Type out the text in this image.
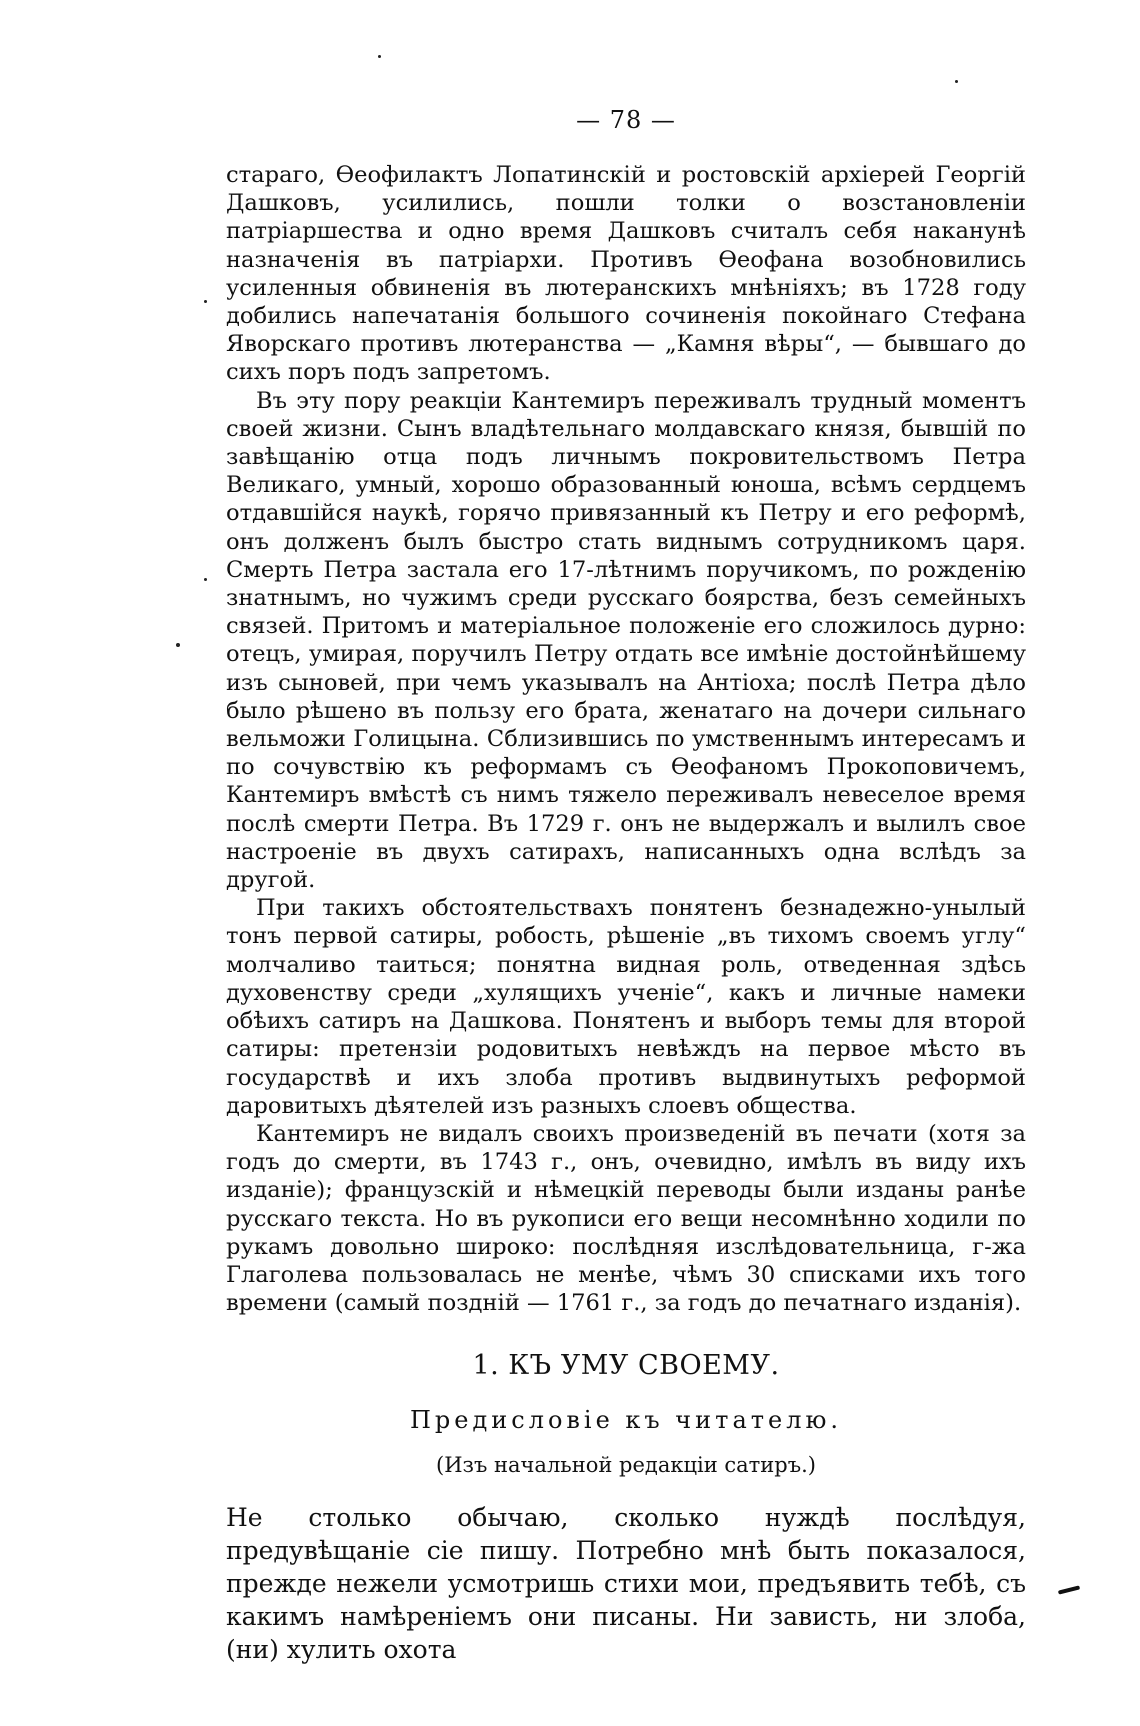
— 78 —

стараго, Өеофилактъ Лопатинскій и ростовскій архіерей Георгій Дашковъ, усилились, пошли толки о возстановленіи патріаршества и одно время Дашковъ считалъ себя наканунѣ назначенія въ патріархи. Противъ Өеофана возобновились усиленныя обвиненія въ лютеранскихъ мнѣніяхъ; въ 1728 году добились напечатанія большого сочиненія покойнаго Стефана Яворскаго противъ лютеранства — „Камня вѣры“, — бывшаго до сихъ поръ подъ запретомъ.

Въ эту пору реакціи Кантемиръ переживалъ трудный моментъ своей жизни. Сынъ владѣтельнаго молдавскаго князя, бывшій по завѣщанію отца подъ личнымъ покровительствомъ Петра Великаго, умный, хорошо образованный юноша, всѣмъ сердцемъ отдавшійся наукѣ, горячо привязанный къ Петру и его реформѣ, онъ долженъ былъ быстро стать виднымъ сотрудникомъ царя. Смерть Петра застала его 17-лѣтнимъ поручикомъ, по рожденію знатнымъ, но чужимъ среди русскаго боярства, безъ семейныхъ связей. Притомъ и матеріальное положеніе его сложилось дурно: отецъ, умирая, поручилъ Петру отдать все имѣніе достойнѣйшему изъ сыновей, при чемъ указывалъ на Антіоха; послѣ Петра дѣло было рѣшено въ пользу его брата, женатаго на дочери сильнаго вельможи Голицына. Сблизившись по умственнымъ интересамъ и по сочувствію къ реформамъ съ Өеофаномъ Прокоповичемъ, Кантемиръ вмѣстѣ съ нимъ тяжело переживалъ невеселое время послѣ смерти Петра. Въ 1729 г. онъ не выдержалъ и вылилъ свое настроеніе въ двухъ сатирахъ, написанныхъ одна вслѣдъ за другой.

При такихъ обстоятельствахъ понятенъ безнадежно-унылый тонъ первой сатиры, робость, рѣшеніе „въ тихомъ своемъ углу“ молчаливо таиться; понятна видная роль, отведенная здѣсь духовенству среди „хулящихъ ученіе“, какъ и личные намеки обѣихъ сатиръ на Дашкова. Понятенъ и выборъ темы для второй сатиры: претензіи родовитыхъ невѣждъ на первое мѣсто въ государствѣ и ихъ злоба противъ выдвинутыхъ реформой даровитыхъ дѣятелей изъ разныхъ слоевъ общества.

Кантемиръ не видалъ своихъ произведеній въ печати (хотя за годъ до смерти, въ 1743 г., онъ, очевидно, имѣлъ въ виду ихъ изданіе); французскій и нѣмецкій переводы были изданы ранѣе русскаго текста. Но въ рукописи его вещи несомнѣнно ходили по рукамъ довольно широко: послѣдняя изслѣдовательница, г-жа Глаголева пользовалась не менѣе, чѣмъ 30 списками ихъ того времени (самый поздній — 1761 г., за годъ до печатнаго изданія).

1. КЪ УМУ СВОЕМУ.
Предисловіе къ читателю.
(Изъ начальной редакціи сатиръ.)

Не столько обычаю, сколько нуждѣ послѣдуя, предувѣщаніе сіе пишу. Потребно мнѣ быть показалося, прежде нежели усмотришь стихи мои, предъявить тебѣ, съ какимъ намѣреніемъ они писаны. Ни зависть, ни злоба, (ни) хулить охота
